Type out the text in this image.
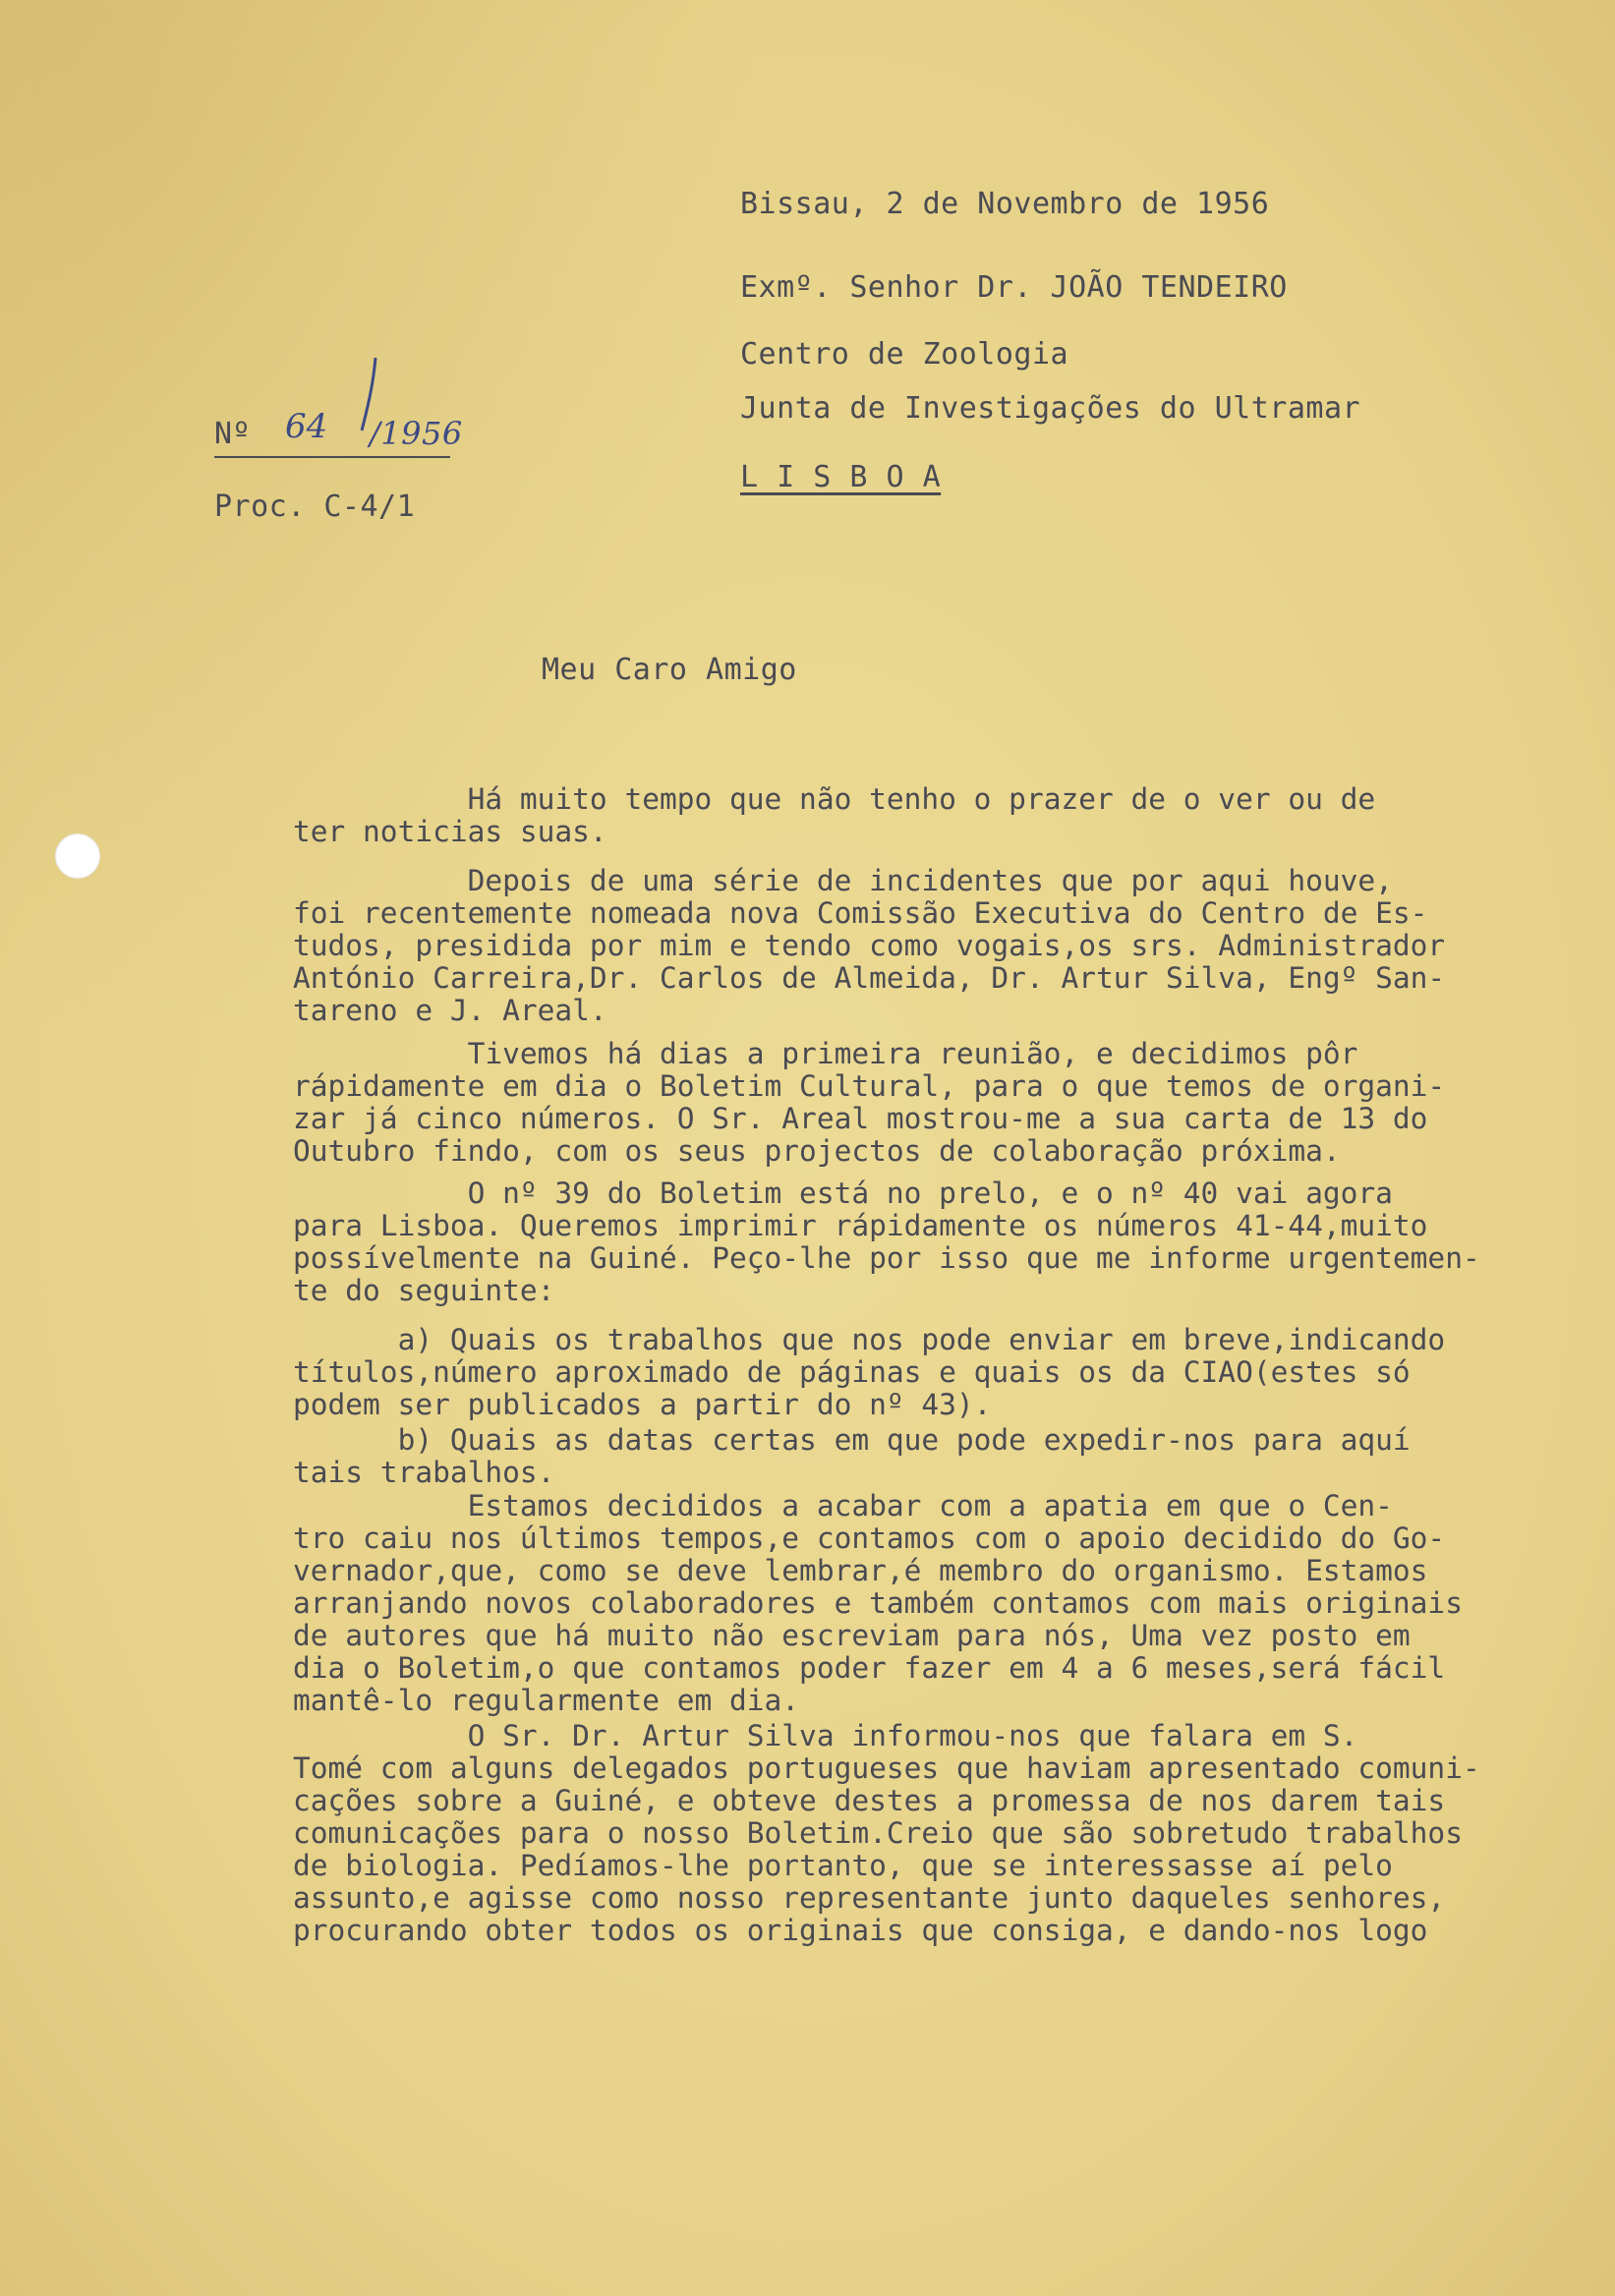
Bissau, 2 de Novembro de 1956

Exmº. Senhor Dr. JOÃO TENDEIRO

Centro de Zoologia

Junta de Investigações do Ultramar

L I S B O A

Nº 64 /1956

Proc. C-4/1

Meu Caro Amigo

Há muito tempo que não tenho o prazer de o ver ou de
ter noticias suas.

Depois de uma série de incidentes que por aqui houve,
foi recentemente nomeada nova Comissão Executiva do Centro de Es-
tudos, presidida por mim e tendo como vogais,os srs. Administrador
António Carreira,Dr. Carlos de Almeida, Dr. Artur Silva, Engº San-
tareno e J. Areal.

Tivemos há dias a primeira reunião, e decidimos pôr
rápidamente em dia o Boletim Cultural, para o que temos de organi-
zar já cinco números. O Sr. Areal mostrou-me a sua carta de 13 do
Outubro findo, com os seus projectos de colaboração próxima.

O nº 39 do Boletim está no prelo, e o nº 40 vai agora
para Lisboa. Queremos imprimir rápidamente os números 41-44,muito
possívelmente na Guiné. Peço-lhe por isso que me informe urgentemen-
te do seguinte:

a) Quais os trabalhos que nos pode enviar em breve,indicando
títulos,número aproximado de páginas e quais os da CIAO(estes só
podem ser publicados a partir do nº 43).

b) Quais as datas certas em que pode expedir-nos para aquí
tais trabalhos.

Estamos decididos a acabar com a apatia em que o Cen-
tro caiu nos últimos tempos,e contamos com o apoio decidido do Go-
vernador,que, como se deve lembrar,é membro do organismo. Estamos
arranjando novos colaboradores e também contamos com mais originais
de autores que há muito não escreviam para nós, Uma vez posto em
dia o Boletim,o que contamos poder fazer em 4 a 6 meses,será fácil
mantê-lo regularmente em dia.

O Sr. Dr. Artur Silva informou-nos que falara em S.
Tomé com alguns delegados portugueses que haviam apresentado comuni-
cações sobre a Guiné, e obteve destes a promessa de nos darem tais
comunicações para o nosso Boletim.Creio que são sobretudo trabalhos
de biologia. Pedíamos-lhe portanto, que se interessasse aí pelo
assunto,e agisse como nosso representante junto daqueles senhores,
procurando obter todos os originais que consiga, e dando-nos logo
